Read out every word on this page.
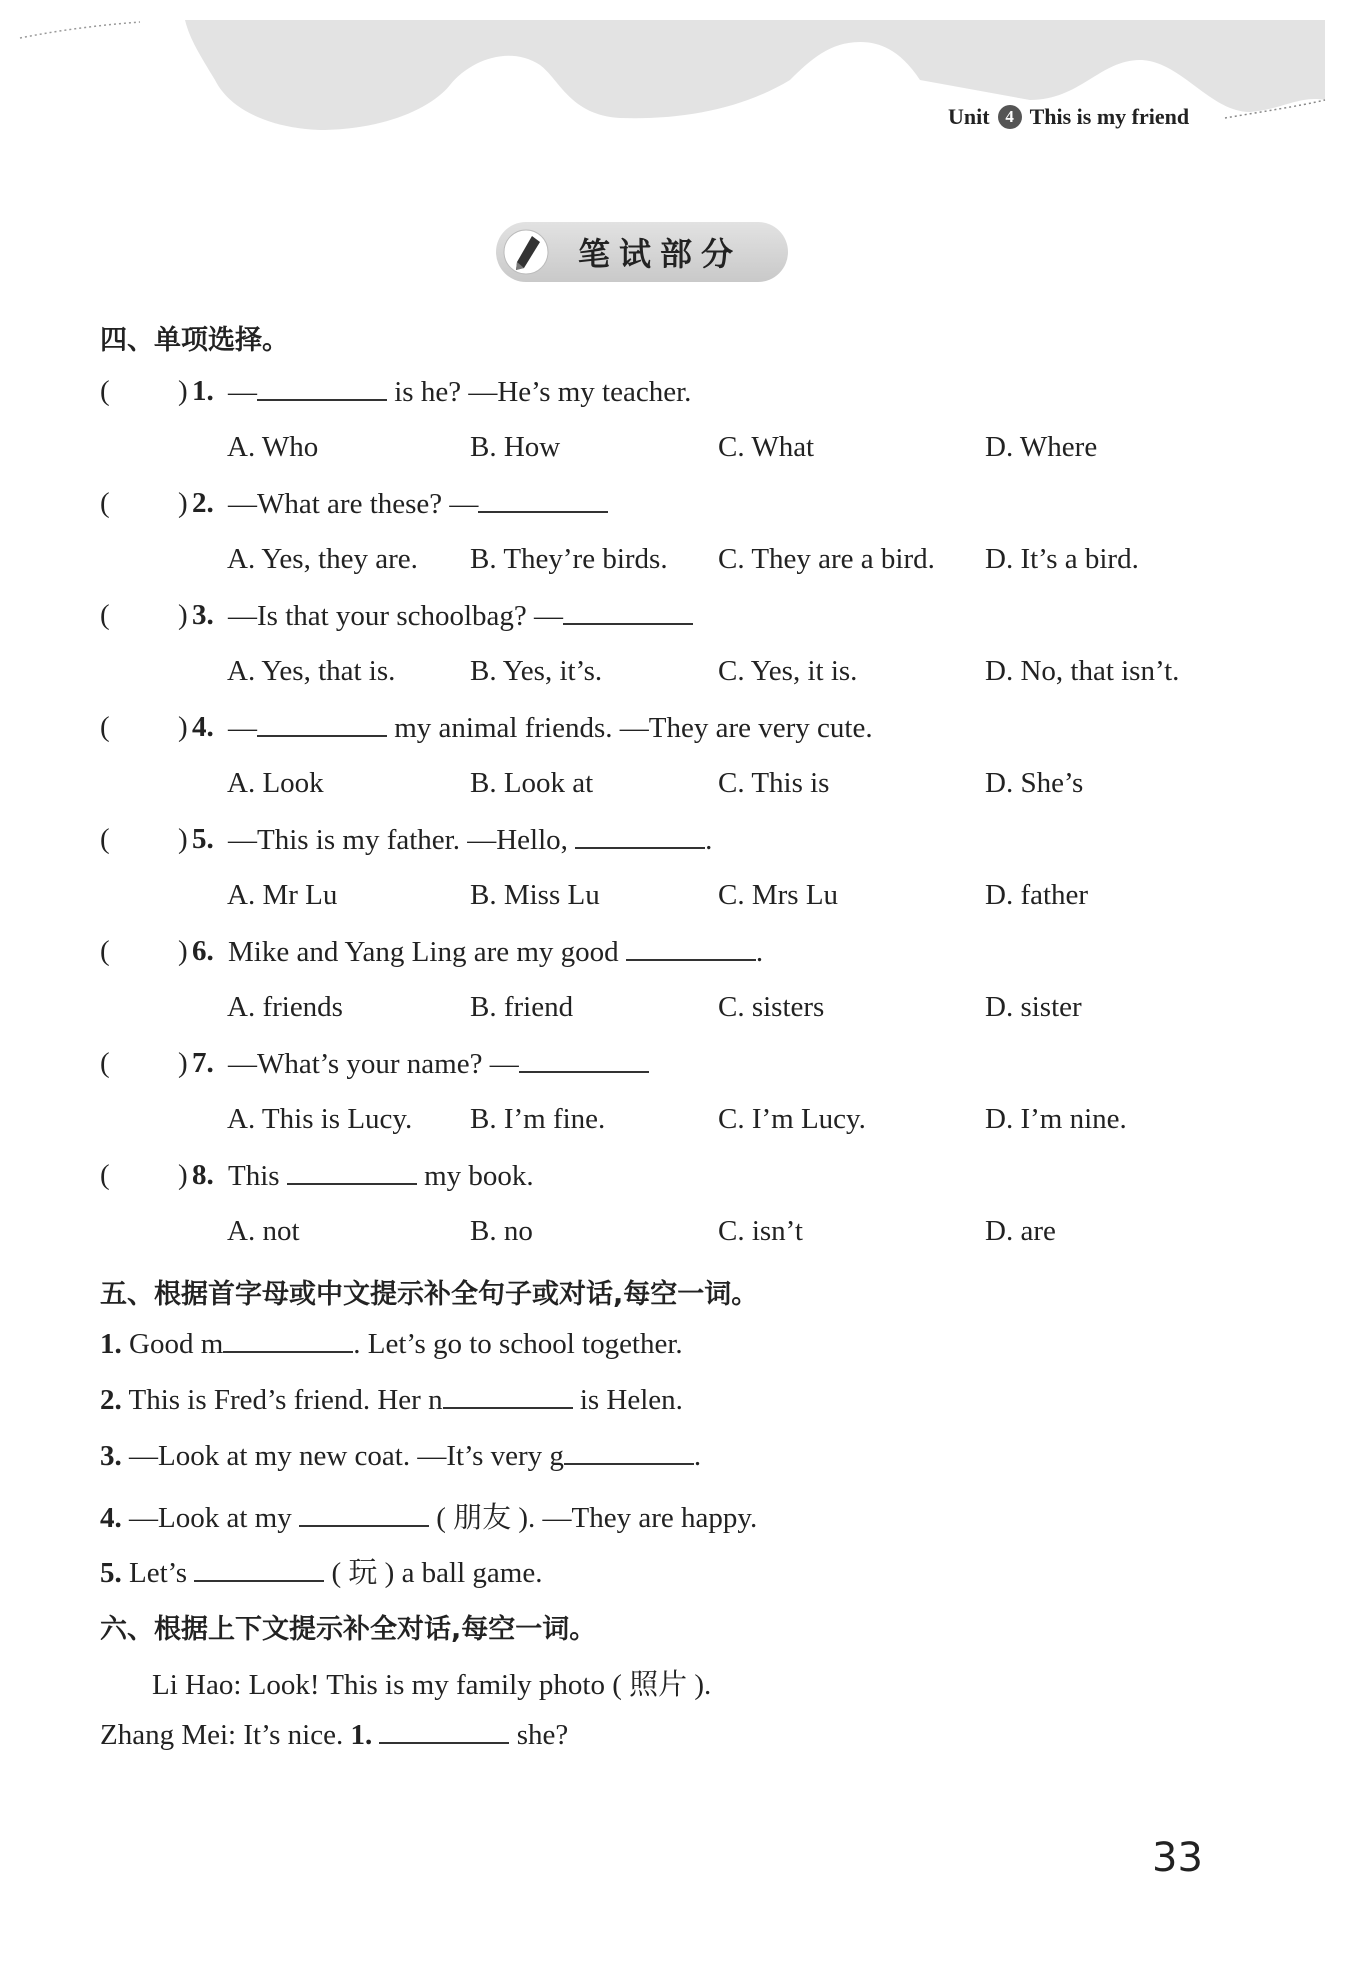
Unit 4 This is my friend
笔试部分
四、单项选择。
( ) 1. —	is he? —He’s my teacher.
A. Who	B. How	C. What	D. Where
( ) 2. —What are these? —
A. Yes, they are. B. They’re birds. C. They are a bird. D. It’s a bird.
( ) 3. —Is that your schoolbag? —
A. Yes, that is.	B. Yes, it’s.	C. Yes, it is.	D. No, that isn’t.
( ) 4. —	my animal friends. —They are very cute.
A. Look	B. Look at	C. This is	D. She’s
( ) 5. —This is my father. —Hello,	.
A. Mr Lu	B. Miss Lu	C. Mrs Lu	D. father
( ) 6. Mike and Yang Ling are my good	.
A. friends	B. friend	C. sisters	D. sister
( ) 7. —What’s your name? —
A. This is Lucy. B. I’m fine.	C. I’m Lucy.	D. I’m nine.
( ) 8. This	my book.
A. not	B. no	C. isn’t	D. are
五、根据首字母或中文提示补全句子或对话,每空一词。
1. Good m	. Let’s go to school together.
2. This is Fred’s friend. Her n	is Helen.
3. —Look at my new coat. —It’s very g	.
4. —Look at my	( 朋友 ). —They are happy.
5. Let’s	( 玩 ) a ball game.
六、根据上下文提示补全对话,每空一词。
Li Hao: Look! This is my family photo ( 照片 ).
Zhang Mei: It’s nice. 1.	she?
33
